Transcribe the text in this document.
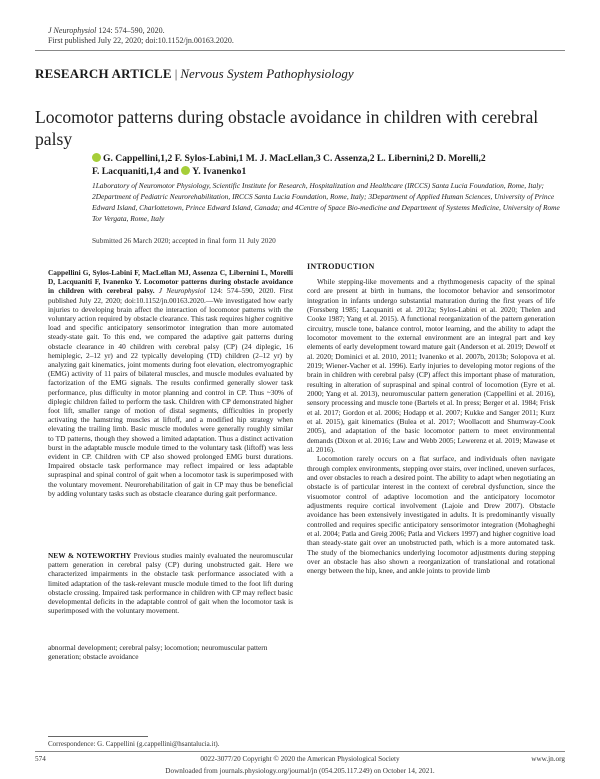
J Neurophysiol 124: 574–590, 2020.
First published July 22, 2020; doi:10.1152/jn.00163.2020.
RESEARCH ARTICLE | Nervous System Pathophysiology
Locomotor patterns during obstacle avoidance in children with cerebral palsy
G. Cappellini,1,2 F. Sylos-Labini,1 M. J. MacLellan,3 C. Assenza,2 L. Libernini,2 D. Morelli,2
F. Lacquaniti,1,4 and Y. Ivanenko1
1Laboratory of Neuromotor Physiology, Scientific Institute for Research, Hospitalization and Healthcare (IRCCS) Santa Lucia Foundation, Rome, Italy; 2Department of Pediatric Neurorehabilitation, IRCCS Santa Lucia Foundation, Rome, Italy; 3Department of Applied Human Sciences, University of Prince Edward Island, Charlottetown, Prince Edward Island, Canada; and 4Centre of Space Bio-medicine and Department of Systems Medicine, University of Rome Tor Vergata, Rome, Italy
Submitted 26 March 2020; accepted in final form 11 July 2020
Cappellini G, Sylos-Labini F, MacLellan MJ, Assenza C, Libernini L, Morelli D, Lacquaniti F, Ivanenko Y. Locomotor patterns during obstacle avoidance in children with cerebral palsy. J Neurophysiol 124: 574–590, 2020. First published July 22, 2020; doi:10.1152/jn.00163.2020.—We investigated how early injuries to developing brain affect the interaction of locomotor patterns with the voluntary action required by obstacle clearance. This task requires higher cognitive load and specific anticipatory sensorimotor integration than more automated steady-state gait. To this end, we compared the adaptive gait patterns during obstacle clearance in 40 children with cerebral palsy (CP) (24 diplegic, 16 hemiplegic, 2–12 yr) and 22 typically developing (TD) children (2–12 yr) by analyzing gait kinematics, joint moments during foot elevation, electromyographic (EMG) activity of 11 pairs of bilateral muscles, and muscle modules evaluated by factorization of the EMG signals. The results confirmed generally slower task performance, plus difficulty in motor planning and control in CP. Thus ~30% of diplegic children failed to perform the task. Children with CP demonstrated higher foot lift, smaller range of motion of distal segments, difficulties in properly activating the hamstring muscles at liftoff, and a modified hip strategy when elevating the trailing limb. Basic muscle modules were generally roughly similar to TD patterns, though they showed a limited adaptation. Thus a distinct activation burst in the adaptable muscle module timed to the voluntary task (liftoff) was less evident in CP. Children with CP also showed prolonged EMG burst durations. Impaired obstacle task performance may reflect impaired or less adaptable supraspinal and spinal control of gait when a locomotor task is superimposed with the voluntary movement. Neurorehabilitation of gait in CP may thus be beneficial by adding voluntary tasks such as obstacle clearance during gait performance.
NEW & NOTEWORTHY Previous studies mainly evaluated the neuromuscular pattern generation in cerebral palsy (CP) during unobstructed gait. Here we characterized impairments in the obstacle task performance associated with a limited adaptation of the task-relevant muscle module timed to the foot lift during obstacle crossing. Impaired task performance in children with CP may reflect basic developmental deficits in the adaptable control of gait when the locomotor task is superimposed with the voluntary movement.
abnormal development; cerebral palsy; locomotion; neuromuscular pattern generation; obstacle avoidance
INTRODUCTION

While stepping-like movements and a rhythmogenesis capacity of the spinal cord are present at birth in humans, the locomotor behavior and sensorimotor integration in infants undergo substantial maturation during the first years of life (Forssberg 1985; Lacquaniti et al. 2012a; Sylos-Labini et al. 2020; Thelen and Cooke 1987; Yang et al. 2015). A functional reorganization of the pattern generation circuitry, muscle tone, balance control, motor learning, and the ability to adapt the locomotor movement to the external environment are an integral part and key elements of early development toward mature gait (Anderson et al. 2019; Dewolf et al. 2020; Dominici et al. 2010, 2011; Ivanenko et al. 2007b, 2013b; Solopova et al. 2019; Wiener-Vacher et al. 1996). Early injuries to developing motor regions of the brain in children with cerebral palsy (CP) affect this important phase of maturation, resulting in alteration of supraspinal and spinal control of locomotion (Eyre et al. 2000; Yang et al. 2013), neuromuscular pattern generation (Cappellini et al. 2016), sensory processing and muscle tone (Bartels et al. In press; Berger et al. 1984; Frisk et al. 2017; Gordon et al. 2006; Hodapp et al. 2007; Kukke and Sanger 2011; Kurz et al. 2015), gait kinematics (Bulea et al. 2017; Woollacott and Shumway-Cook 2005), and adaptation of the basic locomotor pattern to meet environmental demands (Dixon et al. 2016; Law and Webb 2005; Lewerenz et al. 2019; Mawase et al. 2016).

Locomotion rarely occurs on a flat surface, and individuals often navigate through complex environments, stepping over stairs, over inclined, uneven surfaces, and over obstacles to reach a desired point. The ability to adapt when negotiating an obstacle is of particular interest in the context of cerebral dysfunction, since the visuomotor control of adaptive locomotion and the anticipatory locomotor adjustments require cortical involvement (Lajoie and Drew 2007). Obstacle avoidance has been extensively investigated in adults. It is predominantly visually controlled and requires specific anticipatory sensorimotor integration (Mohagheghi et al. 2004; Patla and Greig 2006; Patla and Vickers 1997) and higher cognitive load than steady-state gait over an unobstructed path, which is a more automated task. The study of the biomechanics underlying locomotor adjustments during stepping over an obstacle has also shown a reorganization of translational and rotational energy between the hip, knee, and ankle joints to provide limb

Correspondence: G. Cappellini (g.cappellini@hsantalucia.it).
574	0022-3077/20 Copyright © 2020 the American Physiological Society	www.jn.org
Downloaded from journals.physiology.org/journal/jn (054.205.117.249) on October 14, 2021.
